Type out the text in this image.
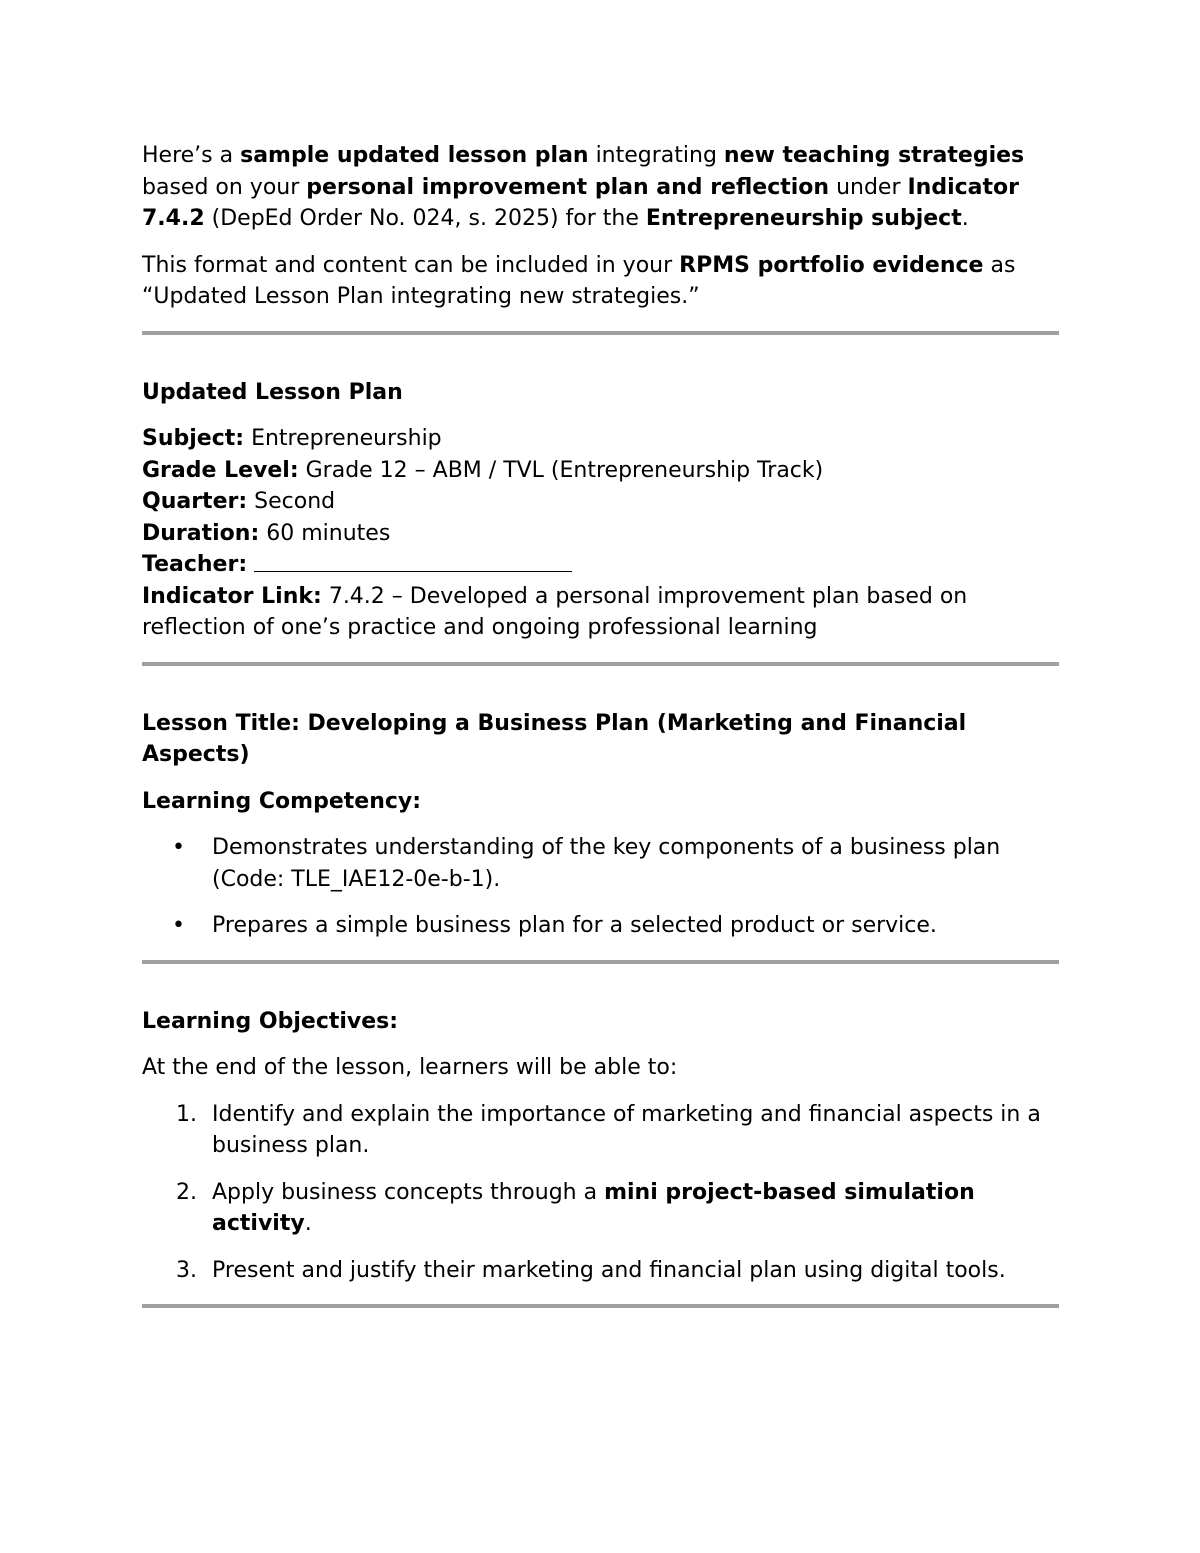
Here’s a sample updated lesson plan integrating new teaching strategies based on your personal improvement plan and reflection under Indicator 7.4.2 (DepEd Order No. 024, s. 2025) for the Entrepreneurship subject.

This format and content can be included in your RPMS portfolio evidence as “Updated Lesson Plan integrating new strategies.”

Updated Lesson Plan

Subject: Entrepreneurship

Grade Level: Grade 12 – ABM / TVL (Entrepreneurship Track)

Quarter: Second

Duration: 60 minutes

Teacher:

Indicator Link: 7.4.2 – Developed a personal improvement plan based on reflection of one’s practice and ongoing professional learning

Lesson Title: Developing a Business Plan (Marketing and Financial Aspects)

Learning Competency:

• Demonstrates understanding of the key components of a business plan (Code: TLE_IAE12-0e-b-1).
• Prepares a simple business plan for a selected product or service.

Learning Objectives:

At the end of the lesson, learners will be able to:

1. Identify and explain the importance of marketing and financial aspects in a business plan.
2. Apply business concepts through a mini project-based simulation activity.
3. Present and justify their marketing and financial plan using digital tools.
